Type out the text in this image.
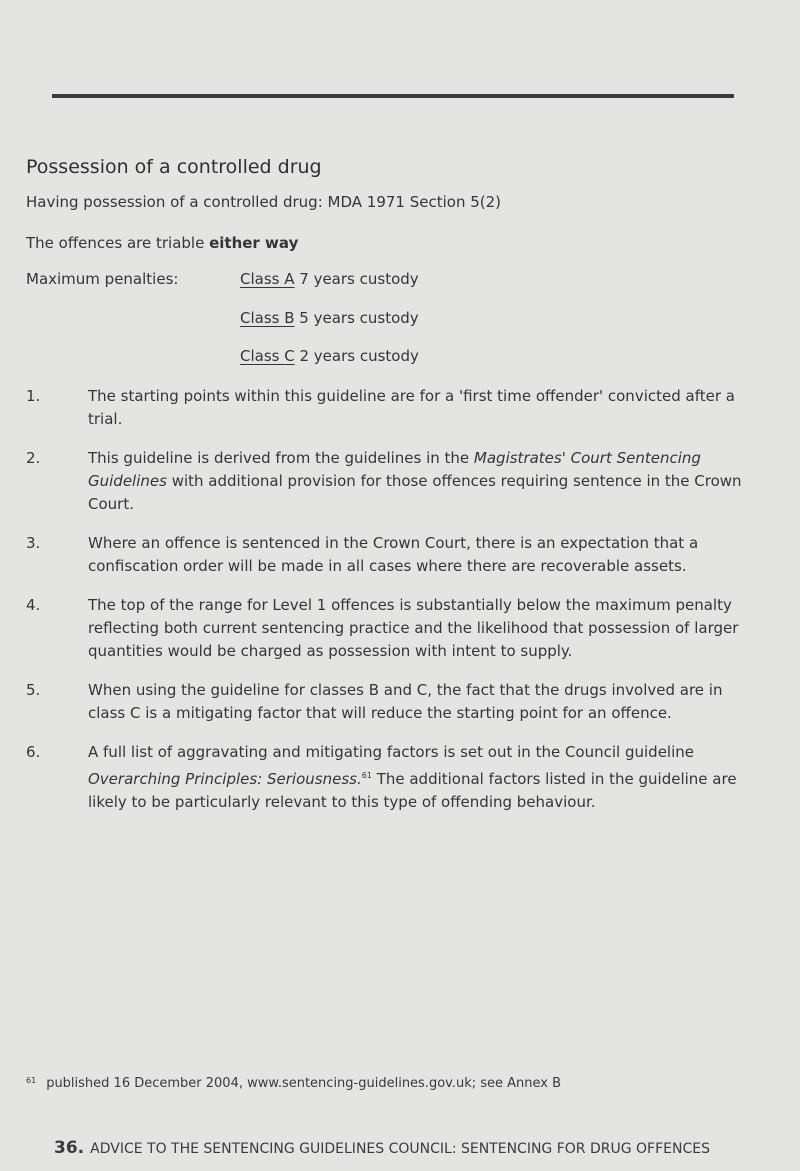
Possession of a controlled drug

Having possession of a controlled drug: MDA 1971 Section 5(2)

The offences are triable either way

Maximum penalties:	Class A 7 years custody
Class B 5 years custody
Class C 2 years custody
1.	The starting points within this guideline are for a 'first time offender' convicted after a trial.
2.	This guideline is derived from the guidelines in the Magistrates' Court Sentencing Guidelines with additional provision for those offences requiring sentence in the Crown Court.
3.	Where an offence is sentenced in the Crown Court, there is an expectation that a confiscation order will be made in all cases where there are recoverable assets.
4.	The top of the range for Level 1 offences is substantially below the maximum penalty reflecting both current sentencing practice and the likelihood that possession of larger quantities would be charged as possession with intent to supply.
5.	When using the guideline for classes B and C, the fact that the drugs involved are in class C is a mitigating factor that will reduce the starting point for an offence.
6.	A full list of aggravating and mitigating factors is set out in the Council guideline Overarching Principles: Seriousness.$^{61}$ The additional factors listed in the guideline are likely to be particularly relevant to this type of offending behaviour.
$^{61}$ published 16 December 2004, www.sentencing-guidelines.gov.uk; see Annex B
36. ADVICE TO THE SENTENCING GUIDELINES COUNCIL: SENTENCING FOR DRUG OFFENCES
